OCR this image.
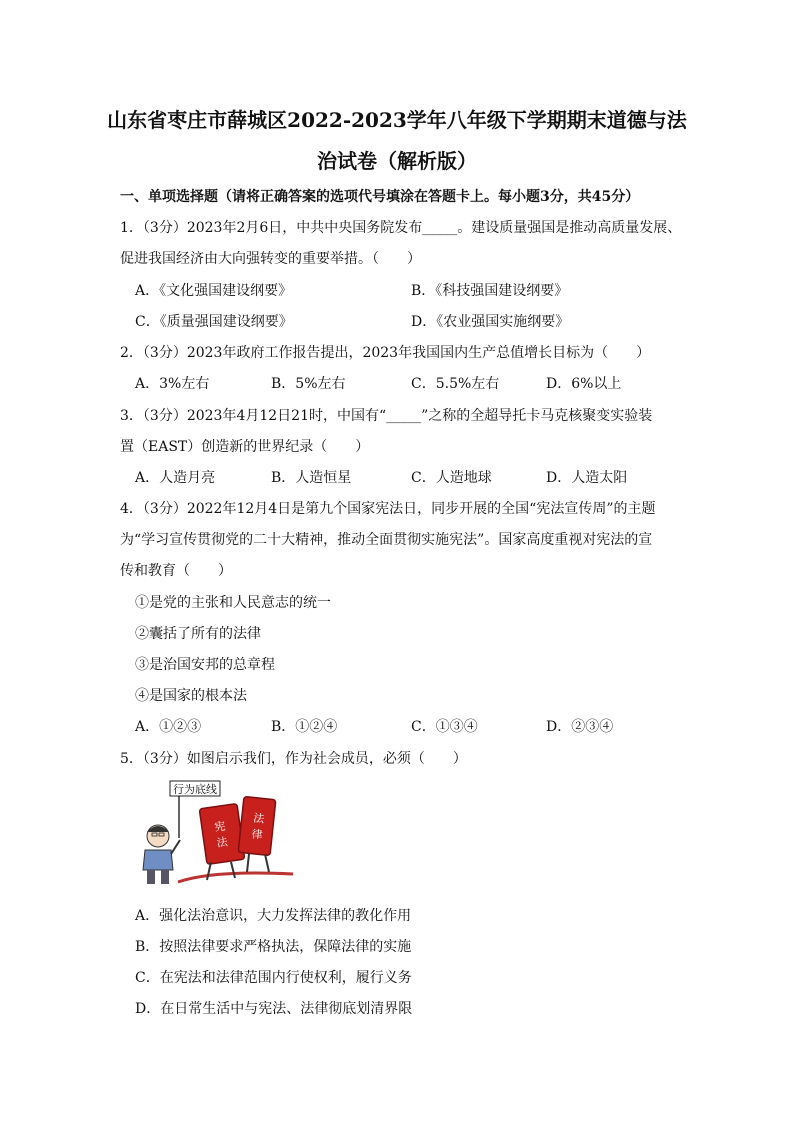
山东省枣庄市薛城区2022-2023学年八年级下学期期末道德与法
治试卷（解析版）
一、单项选择题（请将正确答案的选项代号填涂在答题卡上。每小题3分，共45分）
1．（3分）2023年2月6日，中共中央国务院发布_____。建设质量强国是推动高质量发展、
促进我国经济由大向强转变的重要举措。（　　）
A．《文化强国建设纲要》	B．《科技强国建设纲要》
C．《质量强国建设纲要》	D．《农业强国实施纲要》
2．（3分）2023年政府工作报告提出，2023年我国国内生产总值增长目标为（　　）
A．3%左右	B．5%左右	C．5.5%左右	D．6%以上
3．（3分）2023年4月12日21时，中国有“_____”之称的全超导托卡马克核聚变实验装
置（EAST）创造新的世界纪录（　　）
A．人造月亮	B．人造恒星	C．人造地球	D．人造太阳
4．（3分）2022年12月4日是第九个国家宪法日，同步开展的全国“宪法宣传周”的主题
为“学习宣传贯彻党的二十大精神，推动全面贯彻实施宪法”。国家高度重视对宪法的宣
传和教育（　　）
①是党的主张和人民意志的统一
②囊括了所有的法律
③是治国安邦的总章程
④是国家的根本法
A．①②③	B．①②④	C．①③④	D．②③④
5．（3分）如图启示我们，作为社会成员，必须（　　）
行为底线
宪法
法律
A．强化法治意识，大力发挥法律的教化作用
B．按照法律要求严格执法，保障法律的实施
C．在宪法和法律范围内行使权利，履行义务
D．在日常生活中与宪法、法律彻底划清界限
